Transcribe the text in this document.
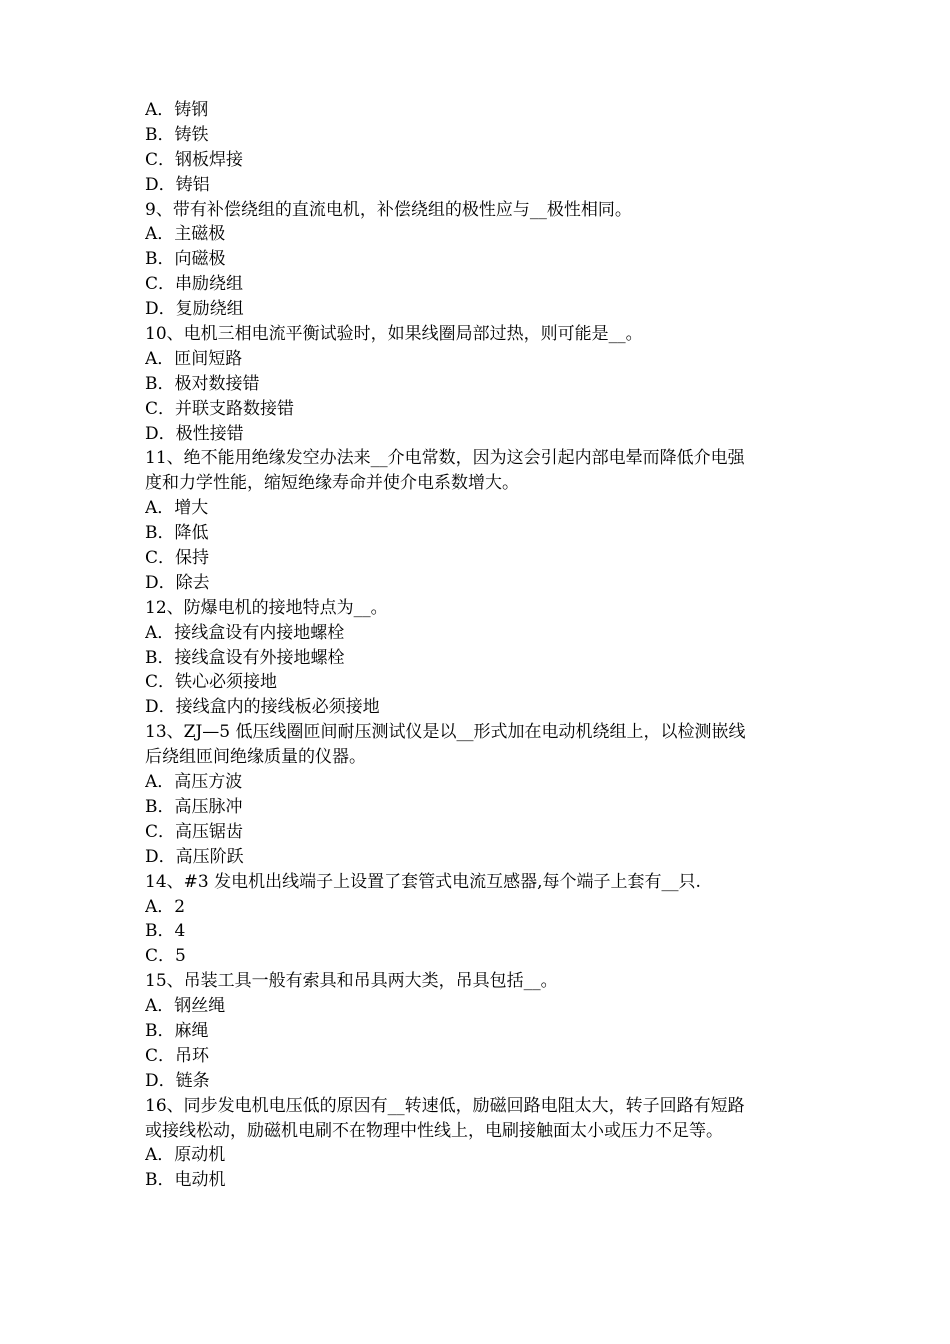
A．铸钢
B．铸铁
C．钢板焊接
D．铸铝
9、带有补偿绕组的直流电机，补偿绕组的极性应与__极性相同。
A．主磁极
B．向磁极
C．串励绕组
D．复励绕组
10、电机三相电流平衡试验时，如果线圈局部过热，则可能是__。
A．匝间短路
B．极对数接错
C．并联支路数接错
D．极性接错
11、绝不能用绝缘发空办法来__介电常数，因为这会引起内部电晕而降低介电强
度和力学性能，缩短绝缘寿命并使介电系数增大。
A．增大
B．降低
C．保持
D．除去
12、防爆电机的接地特点为__。
A．接线盒设有内接地螺栓
B．接线盒设有外接地螺栓
C．铁心必须接地
D．接线盒内的接线板必须接地
13、ZJ—5 低压线圈匝间耐压测试仪是以__形式加在电动机绕组上，以检测嵌线
后绕组匝间绝缘质量的仪器。
A．高压方波
B．高压脉冲
C．高压锯齿
D．高压阶跃
14、#3 发电机出线端子上设置了套管式电流互感器,每个端子上套有__只.
A．2
B．4
C．5
15、吊装工具一般有索具和吊具两大类，吊具包括__。
A．钢丝绳
B．麻绳
C．吊环
D．链条
16、同步发电机电压低的原因有__转速低，励磁回路电阻太大，转子回路有短路
或接线松动，励磁机电刷不在物理中性线上，电刷接触面太小或压力不足等。
A．原动机
B．电动机
